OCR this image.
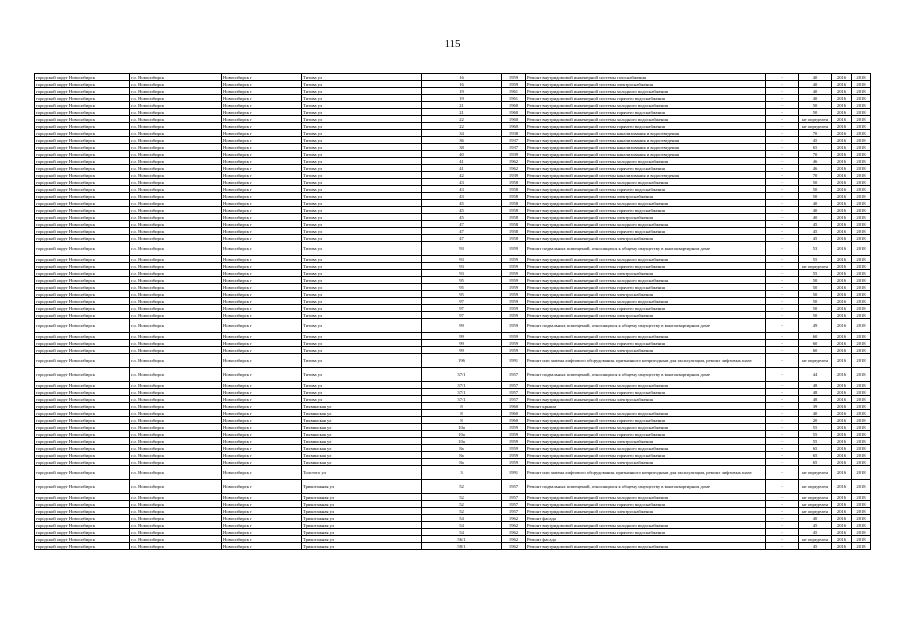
115
городской округ Новосибирск	г.о. Новосибирск	Новосибирск г	Титова ул	16	1959	Ремонт внутридомовой инженерной системы газоснабжения	-	40	2016	2018
городской округ Новосибирск	г.о. Новосибирск	Новосибирск г	Титова ул	16	1959	Ремонт внутридомовой инженерной системы электроснабжения	-	40	2016	2018
городской округ Новосибирск	г.о. Новосибирск	Новосибирск г	Титова ул	19	1961	Ремонт внутридомовой инженерной системы холодного водоснабжения	-	40	2016	2018
городской округ Новосибирск	г.о. Новосибирск	Новосибирск г	Титова ул	19	1961	Ремонт внутридомовой инженерной системы горячего водоснабжения	-	40	2016	2018
городской округ Новосибирск	г.о. Новосибирск	Новосибирск г	Титова ул	21	1960	Ремонт внутридомовой инженерной системы холодного водоснабжения	-	50	2016	2018
городской округ Новосибирск	г.о. Новосибирск	Новосибирск г	Титова ул	21	1960	Ремонт внутридомовой инженерной системы горячего водоснабжения	-	50	2016	2018
городской округ Новосибирск	г.о. Новосибирск	Новосибирск г	Титова ул	22	1960	Ремонт внутридомовой инженерной системы холодного водоснабжения	-	не определен	2016	2018
городской округ Новосибирск	г.о. Новосибирск	Новосибирск г	Титова ул	22	1960	Ремонт внутридомовой инженерной системы горячего водоснабжения	-	не определен	2016	2018
городской округ Новосибирск	г.о. Новосибирск	Новосибирск г	Титова ул	34	1938	Ремонт внутридомовой инженерной системы канализования и водоотведения	-	70	2016	2018
городской округ Новосибирск	г.о. Новосибирск	Новосибирск г	Титова ул	36	1937	Ремонт внутридомовой инженерной системы канализования и водоотведения	-	45	2016	2018
городской округ Новосибирск	г.о. Новосибирск	Новосибирск г	Титова ул	38	1937	Ремонт внутридомовой инженерной системы канализования и водоотведения	-	65	2016	2018
городской округ Новосибирск	г.о. Новосибирск	Новосибирск г	Титова ул	40	1939	Ремонт внутридомовой инженерной системы канализования и водоотведения	-	70	2016	2018
городской округ Новосибирск	г.о. Новосибирск	Новосибирск г	Титова ул	41	1962	Ремонт внутридомовой инженерной системы холодного водоснабжения	-	46	2016	2018
городской округ Новосибирск	г.о. Новосибирск	Новосибирск г	Титова ул	41	1962	Ремонт внутридомовой инженерной системы горячего водоснабжения	-	46	2016	2018
городской округ Новосибирск	г.о. Новосибирск	Новосибирск г	Титова ул	42	1939	Ремонт внутридомовой инженерной системы канализования и водоотведения	-	70	2016	2018
городской округ Новосибирск	г.о. Новосибирск	Новосибирск г	Титова ул	43	1958	Ремонт внутридомовой инженерной системы холодного водоснабжения	-	50	2016	2018
городской округ Новосибирск	г.о. Новосибирск	Новосибирск г	Титова ул	43	1958	Ремонт внутридомовой инженерной системы горячего водоснабжения	-	50	2016	2018
городской округ Новосибирск	г.о. Новосибирск	Новосибирск г	Титова ул	43	1958	Ремонт внутридомовой инженерной системы электроснабжения	-	50	2016	2018
городской округ Новосибирск	г.о. Новосибирск	Новосибирск г	Титова ул	45	1958	Ремонт внутридомовой инженерной системы холодного водоснабжения	-	40	2016	2018
городской округ Новосибирск	г.о. Новосибирск	Новосибирск г	Титова ул	45	1958	Ремонт внутридомовой инженерной системы горячего водоснабжения	-	40	2016	2018
городской округ Новосибирск	г.о. Новосибирск	Новосибирск г	Титова ул	45	1958	Ремонт внутридомовой инженерной системы электроснабжения	-	40	2016	2018
городской округ Новосибирск	г.о. Новосибирск	Новосибирск г	Титова ул	47	1958	Ремонт внутридомовой инженерной системы холодного водоснабжения	-	45	2016	2018
городской округ Новосибирск	г.о. Новосибирск	Новосибирск г	Титова ул	47	1958	Ремонт внутридомовой инженерной системы горячего водоснабжения	-	45	2016	2018
городской округ Новосибирск	г.о. Новосибирск	Новосибирск г	Титова ул	47	1958	Ремонт внутридомовой инженерной системы электроснабжения	-	45	2016	2018
городской округ Новосибирск	г.о. Новосибирск	Новосибирск г	Титова ул	93	1959	Ремонт подвальных помещений, относящихся к общему имуществу в многоквартирном доме	-	53	2016	2018
городской округ Новосибирск	г.о. Новосибирск	Новосибирск г	Титова ул	93	1959	Ремонт внутридомовой инженерной системы холодного водоснабжения	-	55	2016	2018
городской округ Новосибирск	г.о. Новосибирск	Новосибирск г	Титова ул	93	1959	Ремонт внутридомовой инженерной системы горячего водоснабжения	-	не определен	2016	2018
городской округ Новосибирск	г.о. Новосибирск	Новосибирск г	Титова ул	93	1959	Ремонт внутридомовой инженерной системы электроснабжения	-	55	2016	2018
городской округ Новосибирск	г.о. Новосибирск	Новосибирск г	Титова ул	95	1959	Ремонт внутридомовой инженерной системы холодного водоснабжения	-	50	2016	2018
городской округ Новосибирск	г.о. Новосибирск	Новосибирск г	Титова ул	95	1959	Ремонт внутридомовой инженерной системы горячего водоснабжения	-	50	2016	2018
городской округ Новосибирск	г.о. Новосибирск	Новосибирск г	Титова ул	95	1959	Ремонт внутридомовой инженерной системы электроснабжения	-	50	2016	2018
городской округ Новосибирск	г.о. Новосибирск	Новосибирск г	Титова ул	97	1959	Ремонт внутридомовой инженерной системы холодного водоснабжения	-	50	2016	2018
городской округ Новосибирск	г.о. Новосибирск	Новосибирск г	Титова ул	97	1959	Ремонт внутридомовой инженерной системы горячего водоснабжения	-	50	2016	2018
городской округ Новосибирск	г.о. Новосибирск	Новосибирск г	Титова ул	97	1959	Ремонт внутридомовой инженерной системы электроснабжения	-	50	2016	2018
городской округ Новосибирск	г.о. Новосибирск	Новосибирск г	Титова ул	99	1959	Ремонт подвальных помещений, относящихся к общему имуществу в многоквартирном доме	-	49	2016	2018
городской округ Новосибирск	г.о. Новосибирск	Новосибирск г	Титова ул	99	1959	Ремонт внутридомовой инженерной системы холодного водоснабжения	-	60	2016	2018
городской округ Новосибирск	г.о. Новосибирск	Новосибирск г	Титова ул	99	1959	Ремонт внутридомовой инженерной системы горячего водоснабжения	-	60	2016	2018
городской округ Новосибирск	г.о. Новосибирск	Новосибирск г	Титова ул	99	1959	Ремонт внутридомовой инженерной системы электроснабжения	-	60	2016	2018
городской округ Новосибирск	г.о. Новосибирск	Новосибирск г	Титова ул	196	1991	Ремонт или замена лифтового оборудования, признанного непригодным для эксплуатации, ремонт лифтовых шахт	-	не определен	2016	2018
городской округ Новосибирск	г.о. Новосибирск	Новосибирск г	Титова ул	37/1	1957	Ремонт подвальных помещений, относящихся к общему имуществу в многоквартирном доме	-	44	2016	2018
городской округ Новосибирск	г.о. Новосибирск	Новосибирск г	Титова ул	37/1	1957	Ремонт внутридомовой инженерной системы холодного водоснабжения	-	48	2016	2018
городской округ Новосибирск	г.о. Новосибирск	Новосибирск г	Титова ул	37/1	1957	Ремонт внутридомовой инженерной системы горячего водоснабжения	-	48	2016	2018
городской округ Новосибирск	г.о. Новосибирск	Новосибирск г	Титова ул	37/1	1957	Ремонт внутридомовой инженерной системы электроснабжения	-	48	2016	2018
городской округ Новосибирск	г.о. Новосибирск	Новосибирск г	Тихвинская ул	8	1960	Ремонт крыши	-	39	2016	2018
городской округ Новосибирск	г.о. Новосибирск	Новосибирск г	Тихвинская ул	8	1960	Ремонт внутридомовой инженерной системы холодного водоснабжения	-	40	2016	2018
городской округ Новосибирск	г.о. Новосибирск	Новосибирск г	Тихвинская ул	8	1960	Ремонт внутридомовой инженерной системы горячего водоснабжения	-	20	2016	2018
городской округ Новосибирск	г.о. Новосибирск	Новосибирск г	Тихвинская ул	10а	1959	Ремонт внутридомовой инженерной системы холодного водоснабжения	-	55	2016	2018
городской округ Новосибирск	г.о. Новосибирск	Новосибирск г	Тихвинская ул	10а	1959	Ремонт внутридомовой инженерной системы горячего водоснабжения	-	55	2016	2018
городской округ Новосибирск	г.о. Новосибирск	Новосибирск г	Тихвинская ул	10а	1959	Ремонт внутридомовой инженерной системы электроснабжения	-	55	2016	2018
городской округ Новосибирск	г.о. Новосибирск	Новосибирск г	Тихвинская ул	8а	1959	Ремонт внутридомовой инженерной системы холодного водоснабжения	-	65	2016	2018
городской округ Новосибирск	г.о. Новосибирск	Новосибирск г	Тихвинская ул	8а	1959	Ремонт внутридомовой инженерной системы горячего водоснабжения	-	65	2016	2018
городской округ Новосибирск	г.о. Новосибирск	Новосибирск г	Тихвинская ул	8а	1959	Ремонт внутридомовой инженерной системы электроснабжения	-	65	2016	2018
городской округ Новосибирск	г.о. Новосибирск	Новосибирск г	Толстого ул	3	1991	Ремонт или замена лифтового оборудования, признанного непригодным для эксплуатации, ремонт лифтовых шахт	-	не определен	2016	2018
городской округ Новосибирск	г.о. Новосибирск	Новосибирск г	Трикотажная ул	52	1957	Ремонт подвальных помещений, относящихся к общему имуществу в многоквартирном доме	-	не определен	2016	2018
городской округ Новосибирск	г.о. Новосибирск	Новосибирск г	Трикотажная ул	52	1957	Ремонт внутридомовой инженерной системы холодного водоснабжения	-	не определен	2016	2018
городской округ Новосибирск	г.о. Новосибирск	Новосибирск г	Трикотажная ул	52	1957	Ремонт внутридомовой инженерной системы горячего водоснабжения	-	не определен	2016	2018
городской округ Новосибирск	г.о. Новосибирск	Новосибирск г	Трикотажная ул	52	1957	Ремонт внутридомовой инженерной системы электроснабжения	-	не определен	2016	2018
городской округ Новосибирск	г.о. Новосибирск	Новосибирск г	Трикотажная ул	54	1962	Ремонт фасада	-	40	2016	2018
городской округ Новосибирск	г.о. Новосибирск	Новосибирск г	Трикотажная ул	54	1962	Ремонт внутридомовой инженерной системы холодного водоснабжения	-	45	2016	2018
городской округ Новосибирск	г.о. Новосибирск	Новосибирск г	Трикотажная ул	54	1962	Ремонт внутридомовой инженерной системы горячего водоснабжения	-	45	2016	2018
городской округ Новосибирск	г.о. Новосибирск	Новосибирск г	Трикотажная ул	56/1	1962	Ремонт фасада	-	не определен	2016	2018
городской округ Новосибирск	г.о. Новосибирск	Новосибирск г	Трикотажная ул	58/1	1962	Ремонт внутридомовой инженерной системы холодного водоснабжения	-	45	2016	2018
